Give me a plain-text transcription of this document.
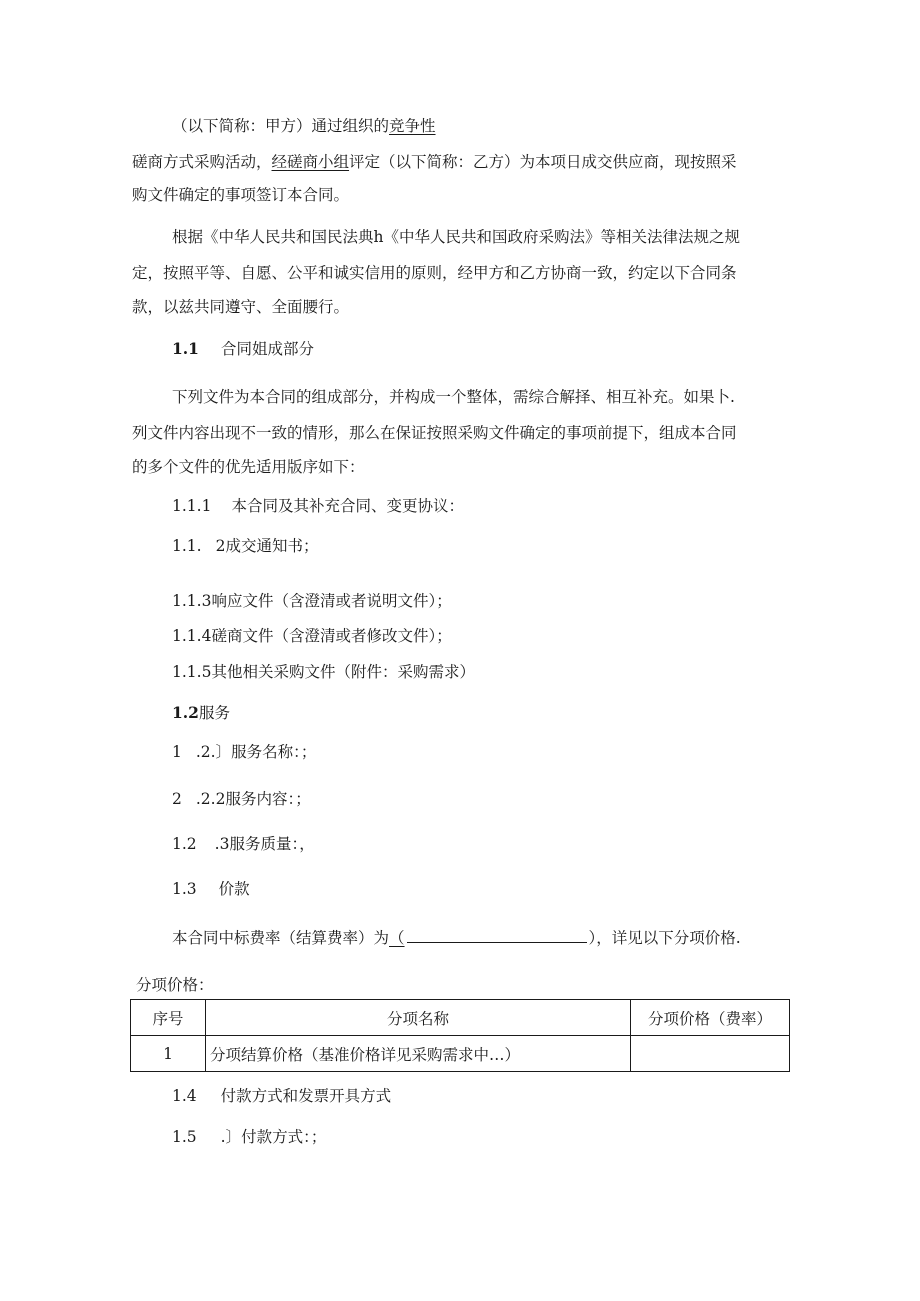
（以下简称：甲方）通过组织的竞争性
磋商方式采购活动，经磋商小组评定（以下简称：乙方）为本项日成交供应商，现按照采
购文件确定的事项签订本合同。
根据《中华人民共和国民法典h《中华人民共和国政府采购法》等相关法律法规之规
定，按照平等、自愿、公平和诚实信用的原则，经甲方和乙方协商一致，约定以下合同条
款，以兹共同遵守、全面腰行。
1.1 合同姐成部分
下列文件为本合同的组成部分，并构成一个整体，需综合解择、相互补充。如果卜.
列文件内容出现不一致的情形，那么在保证按照采购文件确定的事项前提下，组成本合同
的多个文件的优先适用版序如下：
1.1.1 本合同及其补充合同、变更协议：
1.1. 2成交通知书；
1.1.3响应文件（含澄清或者说明文件）；
1.1.4磋商文件（含澄清或者修改文件）；
1.1.5其他相关采购文件（附件：采购需求）
1.2服务
1 .2.〕服务名称：；
2 .2.2服务内容：；
1.2 .3服务质量：，
1.3 价款
本合同中标费率（结算费率）为（	），详见以下分项价格.
分项价格：
序号	分项名称	分项价格（费率）
1	分项结算价格（基准价格详见采购需求中…）	
1.4 付款方式和发票开具方式
1.5 .〕付款方式：；
